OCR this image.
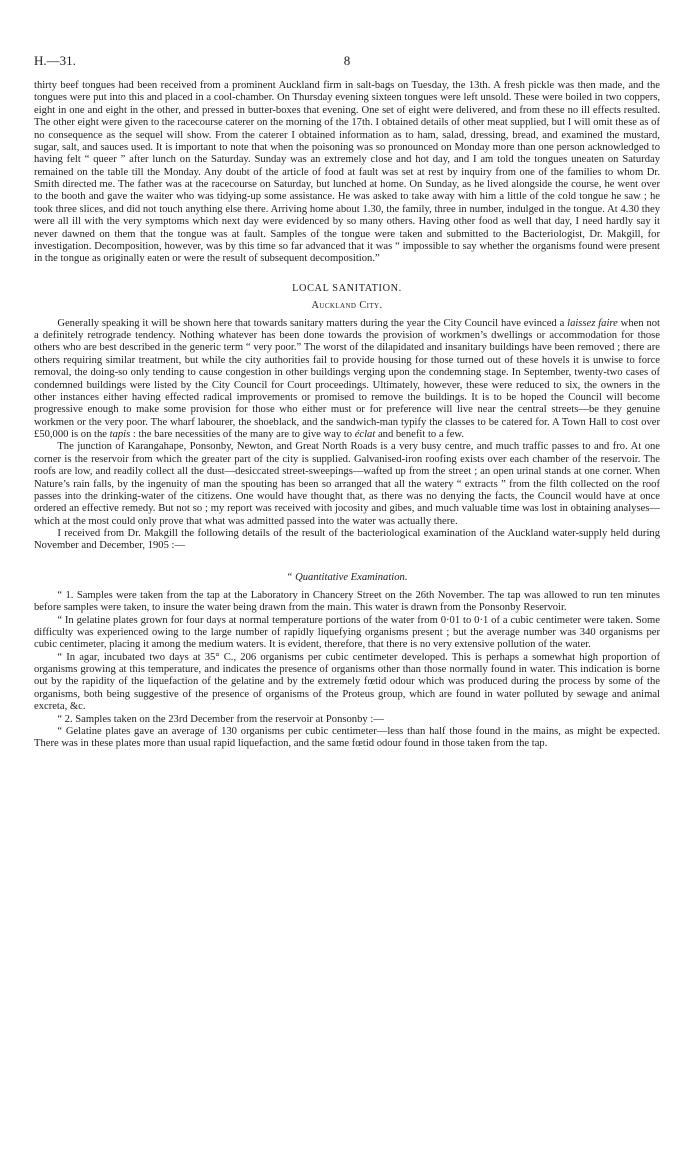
H.—31.	8

thirty beef tongues had been received from a prominent Auckland firm in salt-bags on Tuesday, the 13th. A fresh pickle was then made, and the tongues were put into this and placed in a cool-chamber. On Thursday evening sixteen tongues were left unsold. These were boiled in two coppers, eight in one and eight in the other, and pressed in butter-boxes that evening. One set of eight were delivered, and from these no ill effects resulted. The other eight were given to the racecourse caterer on the morning of the 17th. I obtained details of other meat supplied, but I will omit these as of no consequence as the sequel will show. From the caterer I obtained information as to ham, salad, dressing, bread, and examined the mustard, sugar, salt, and sauces used. It is important to note that when the poisoning was so pronounced on Monday more than one person acknowledged to having felt “ queer ” after lunch on the Saturday. Sunday was an extremely close and hot day, and I am told the tongues uneaten on Saturday remained on the table till the Monday. Any doubt of the article of food at fault was set at rest by inquiry from one of the families to whom Dr. Smith directed me. The father was at the racecourse on Saturday, but lunched at home. On Sunday, as he lived alongside the course, he went over to the booth and gave the waiter who was tidying-up some assistance. He was asked to take away with him a little of the cold tongue he saw ; he took three slices, and did not touch anything else there. Arriving home about 1.30, the family, three in number, indulged in the tongue. At 4.30 they were all ill with the very symptoms which next day were evidenced by so many others. Having other food as well that day, I need hardly say it never dawned on them that the tongue was at fault. Samples of the tongue were taken and submitted to the Bacteriologist, Dr. Makgill, for investigation. Decomposition, however, was by this time so far advanced that it was “ impossible to say whether the organisms found were present in the tongue as originally eaten or were the result of subsequent decomposition.”

LOCAL SANITATION.
Auckland City.

Generally speaking it will be shown here that towards sanitary matters during the year the City Council have evinced a laissez faire when not a definitely retrograde tendency. Nothing whatever has been done towards the provision of workmen’s dwellings or accommodation for those others who are best described in the generic term “ very poor.” The worst of the dilapidated and insanitary buildings have been removed ; there are others requiring similar treatment, but while the city authorities fail to provide housing for those turned out of these hovels it is unwise to force removal, the doing-so only tending to cause congestion in other buildings verging upon the condemning stage. In September, twenty-two cases of condemned buildings were listed by the City Council for Court proceedings. Ultimately, however, these were reduced to six, the owners in the other instances either having effected radical improvements or promised to remove the buildings. It is to be hoped the Council will become progressive enough to make some provision for those who either must or for preference will live near the central streets—be they genuine workmen or the very poor. The wharf labourer, the shoeblack, and the sandwich-man typify the classes to be catered for. A Town Hall to cost over £50,000 is on the tapis : the bare necessities of the many are to give way to éclat and benefit to a few.

The junction of Karangahape, Ponsonby, Newton, and Great North Roads is a very busy centre, and much traffic passes to and fro. At one corner is the reservoir from which the greater part of the city is supplied. Galvanised-iron roofing exists over each chamber of the reservoir. The roofs are low, and readily collect all the dust—desiccated street-sweepings—wafted up from the street ; an open urinal stands at one corner. When Nature’s rain falls, by the ingenuity of man the spouting has been so arranged that all the watery “ extracts ” from the filth collected on the roof passes into the drinking-water of the citizens. One would have thought that, as there was no denying the facts, the Council would have at once ordered an effective remedy. But not so ; my report was received with jocosity and gibes, and much valuable time was lost in obtaining analyses—which at the most could only prove that what was admitted passed into the water was actually there.

I received from Dr. Makgill the following details of the result of the bacteriological examination of the Auckland water-supply held during November and December, 1905 :—

“ Quantitative Examination.

“ 1. Samples were taken from the tap at the Laboratory in Chancery Street on the 26th November. The tap was allowed to run ten minutes before samples were taken, to insure the water being drawn from the main. This water is drawn from the Ponsonby Reservoir.

“ In gelatine plates grown for four days at normal temperature portions of the water from 0·01 to 0·1 of a cubic centimeter were taken. Some difficulty was experienced owing to the large number of rapidly liquefying organisms present ; but the average number was 340 organisms per cubic centimeter, placing it among the medium waters. It is evident, therefore, that there is no very extensive pollution of the water.

“ In agar, incubated two days at 35° C., 206 organisms per cubic centimeter developed. This is perhaps a somewhat high proportion of organisms growing at this temperature, and indicates the presence of organisms other than those normally found in water. This indication is borne out by the rapidity of the liquefaction of the gelatine and by the extremely fœtid odour which was produced during the process by some of the organisms, both being suggestive of the presence of organisms of the Proteus group, which are found in water polluted by sewage and animal excreta, &c.

“ 2. Samples taken on the 23rd December from the reservoir at Ponsonby :—

“ Gelatine plates gave an average of 130 organisms per cubic centimeter—less than half those found in the mains, as might be expected. There was in these plates more than usual rapid liquefaction, and the same fœtid odour found in those taken from the tap.
